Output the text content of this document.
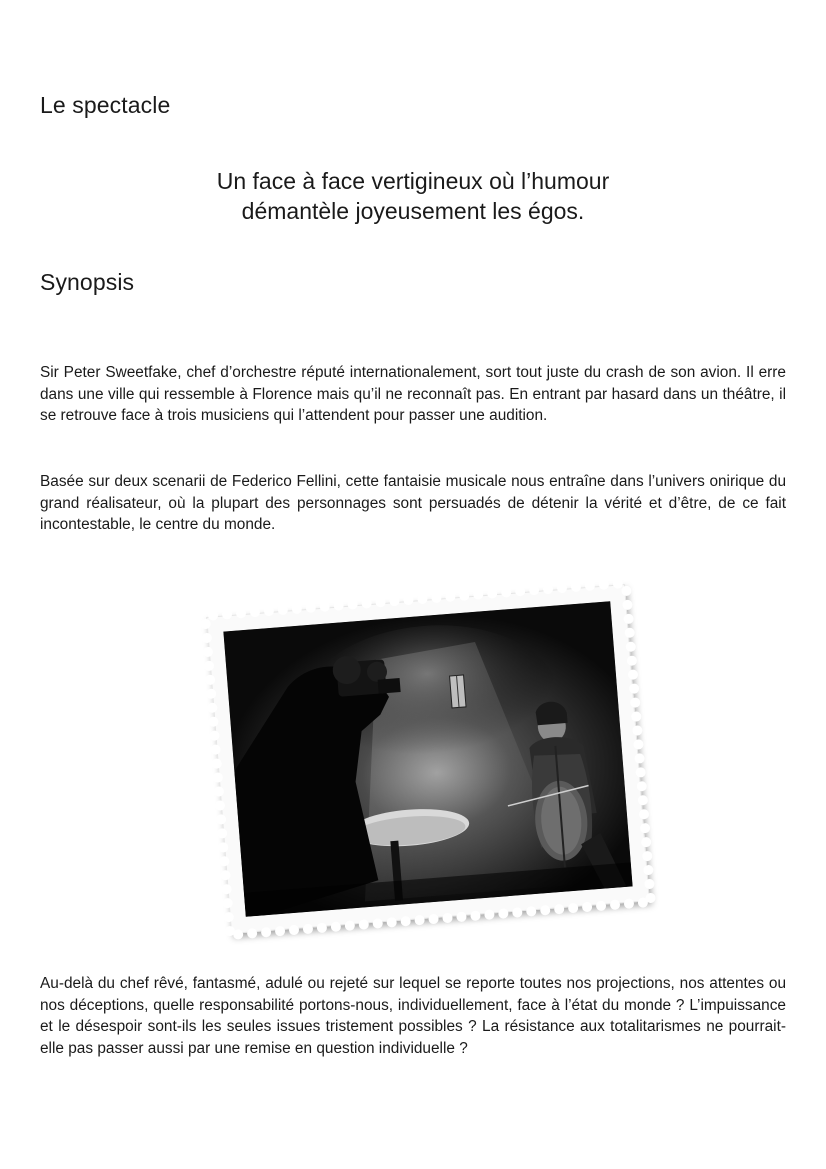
Le spectacle

Un face à face vertigineux où l’humour
démantèle joyeusement les égos.

Synopsis

Sir Peter Sweetfake, chef d’orchestre réputé internationalement, sort tout juste du crash de son avion. Il erre dans une ville qui ressemble à Florence mais qu’il ne reconnaît pas. En entrant par hasard dans un théâtre, il se retrouve face à trois musiciens qui l’attendent pour passer une audition.

Basée sur deux scenarii de Federico Fellini, cette fantaisie musicale nous entraîne dans l’univers onirique du grand réalisateur, où la plupart des personnages sont persuadés de détenir la vérité et d’être, de ce fait incontestable, le centre du monde.

Au-delà du chef rêvé, fantasmé, adulé ou rejeté sur lequel se reporte toutes nos projections, nos attentes ou nos déceptions, quelle responsabilité portons-nous, individuellement, face à l’état du monde ? L’impuissance et le désespoir sont-ils les seules issues tristement possibles ? La résistance aux totalitarismes ne pourrait-elle pas passer aussi par une remise en question individuelle ?
